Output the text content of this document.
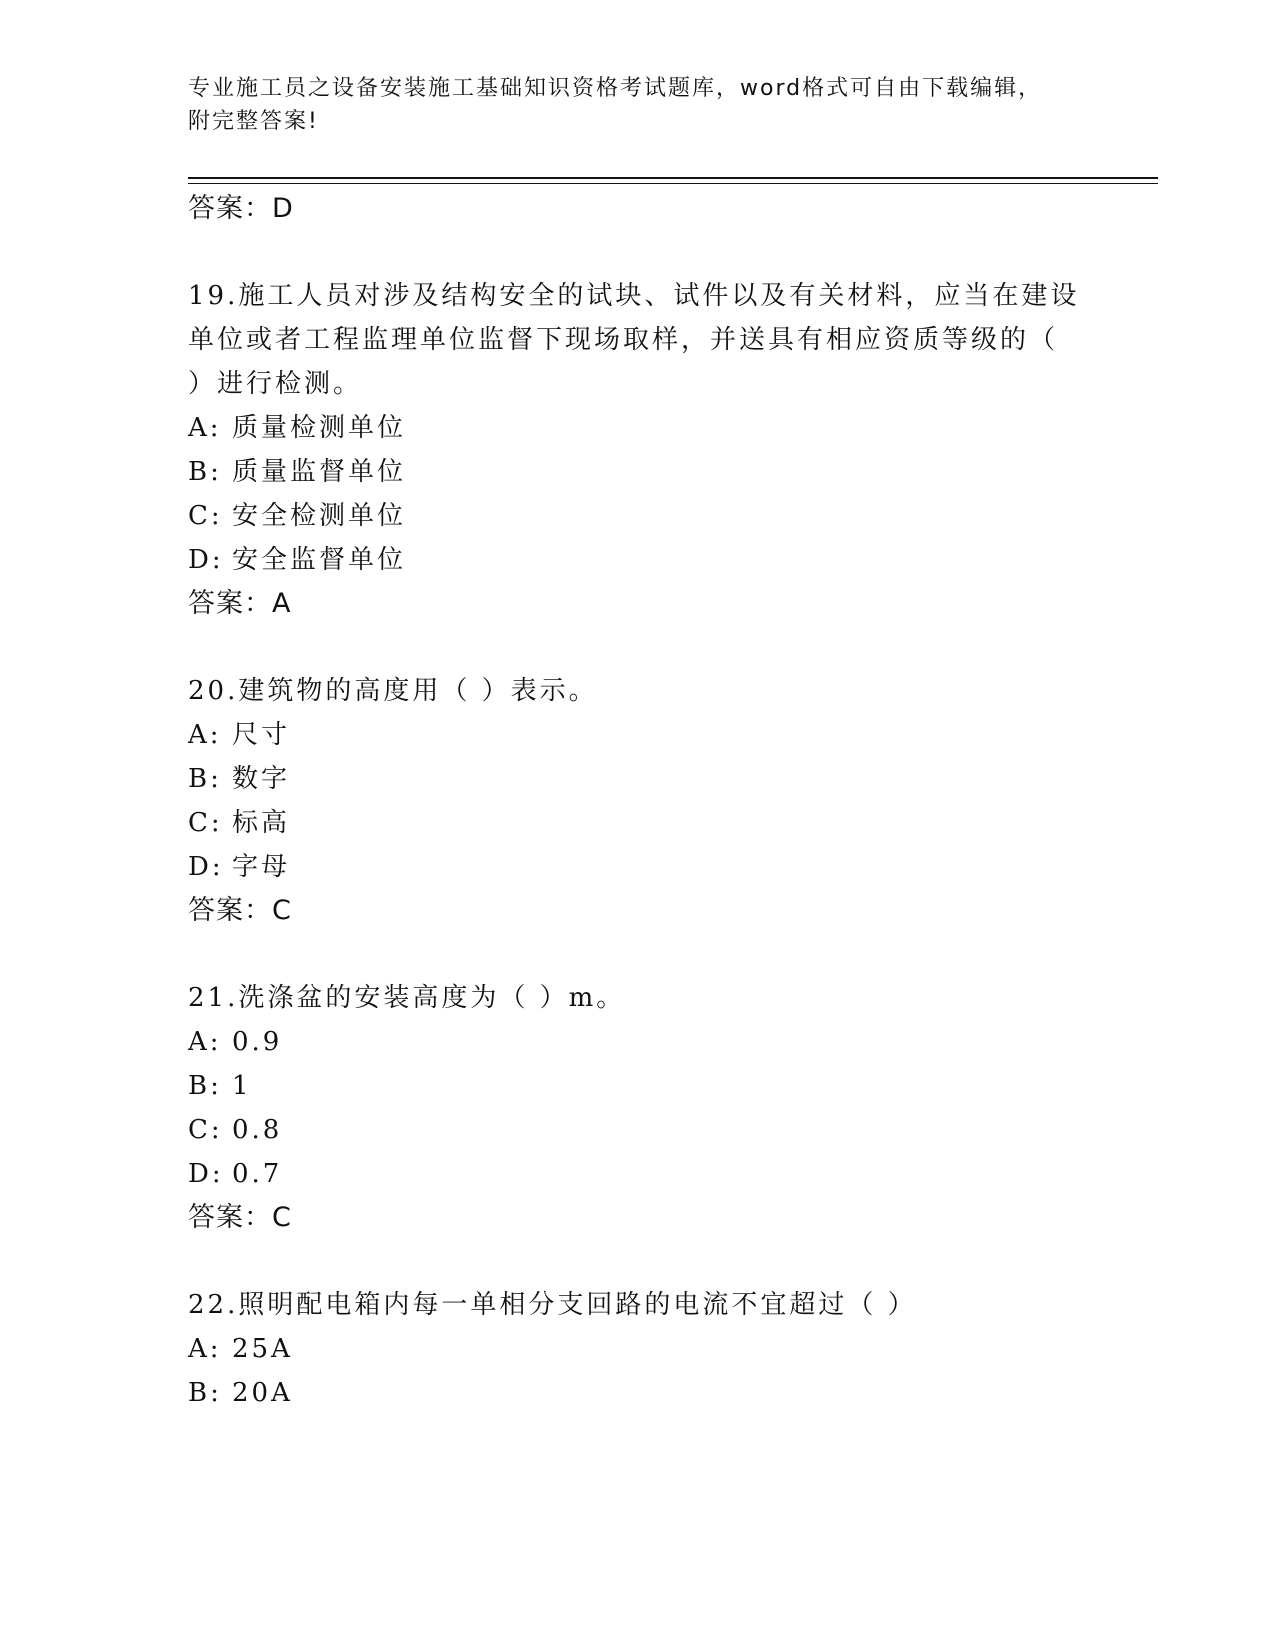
专业施工员之设备安装施工基础知识资格考试题库，word格式可自由下载编辑，
附完整答案!
答案：D
19.施工人员对涉及结构安全的试块、试件以及有关材料，应当在建设
单位或者工程监理单位监督下现场取样，并送具有相应资质等级的（
）进行检测。
A: 质量检测单位
B: 质量监督单位
C: 安全检测单位
D: 安全监督单位
答案：A
20.建筑物的高度用（ ）表示。
A: 尺寸
B: 数字
C: 标高
D: 字母
答案：C
21.洗涤盆的安装高度为（ ）m。
A: 0.9
B: 1
C: 0.8
D: 0.7
答案：C
22.照明配电箱内每一单相分支回路的电流不宜超过（ ）
A: 25A
B: 20A
